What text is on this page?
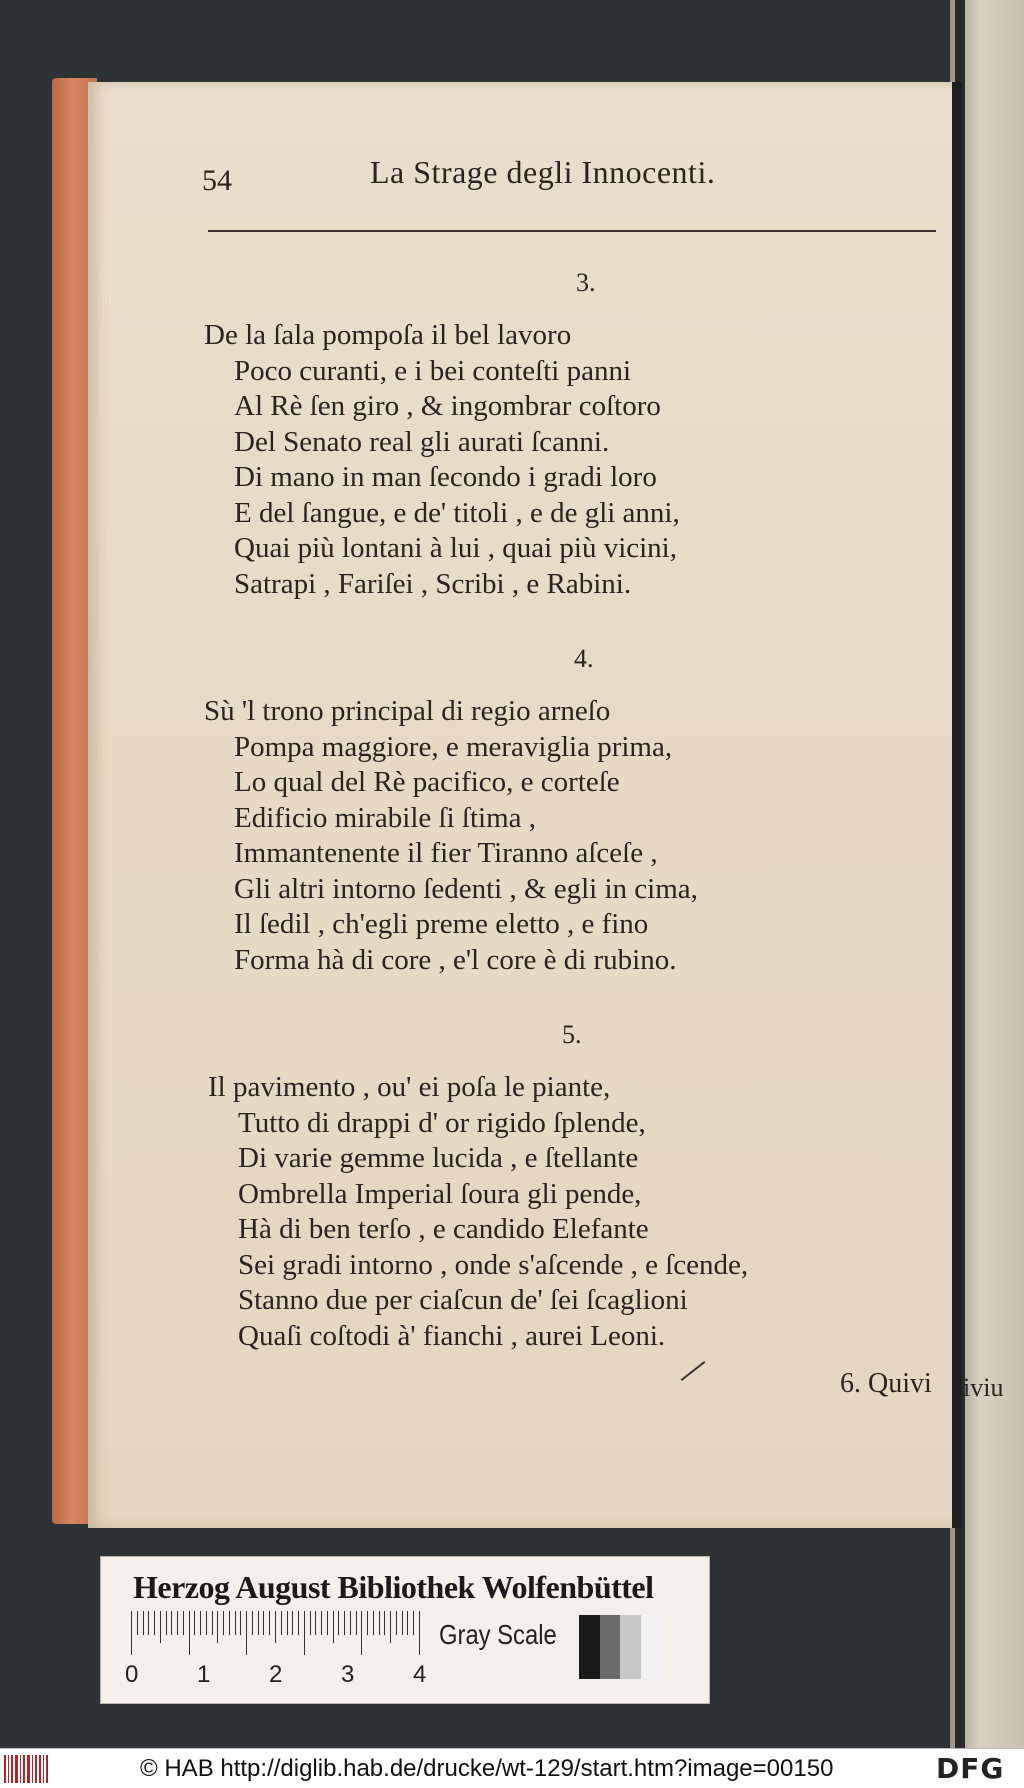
iviu
54	La Strage degli Innocenti.
3.
De la ſala pompoſa il bel lavoro
Poco curanti, e i bei conteſti panni
Al Rè ſen giro , & ingombrar coſtoro
Del Senato real gli aurati ſcanni.
Di mano in man ſecondo i gradi loro
E del ſangue, e de' titoli , e de gli anni,
Quai più lontani à lui , quai più vicini,
Satrapi , Fariſei , Scribi , e Rabini.
4.
Sù 'l trono principal di regio arneſo
Pompa maggiore, e meraviglia prima,
Lo qual del Rè pacifico, e corteſe
Edificio mirabile ſi ſtima ,
Immantenente il fier Tiranno aſceſe ,
Gli altri intorno ſedenti , & egli in cima,
Il ſedil , ch'egli preme eletto , e fino
Forma hà di core , e'l core è di rubino.
5.
Il pavimento , ou' ei poſa le piante,
Tutto di drappi d' or rigido ſplende,
Di varie gemme lucida , e ſtellante
Ombrella Imperial ſoura gli pende,
Hà di ben terſo , e candido Elefante
Sei gradi intorno , onde s'aſcende , e ſcende,
Stanno due per ciaſcun de' ſei ſcaglioni
Quaſi coſtodi à' fianchi , aurei Leoni.
6. Quivi
Herzog August Bibliothek Wolfenbüttel
0 1 2 3 4
Gray Scale
© HAB http://diglib.hab.de/drucke/wt-129/start.htm?image=00150	DFG
